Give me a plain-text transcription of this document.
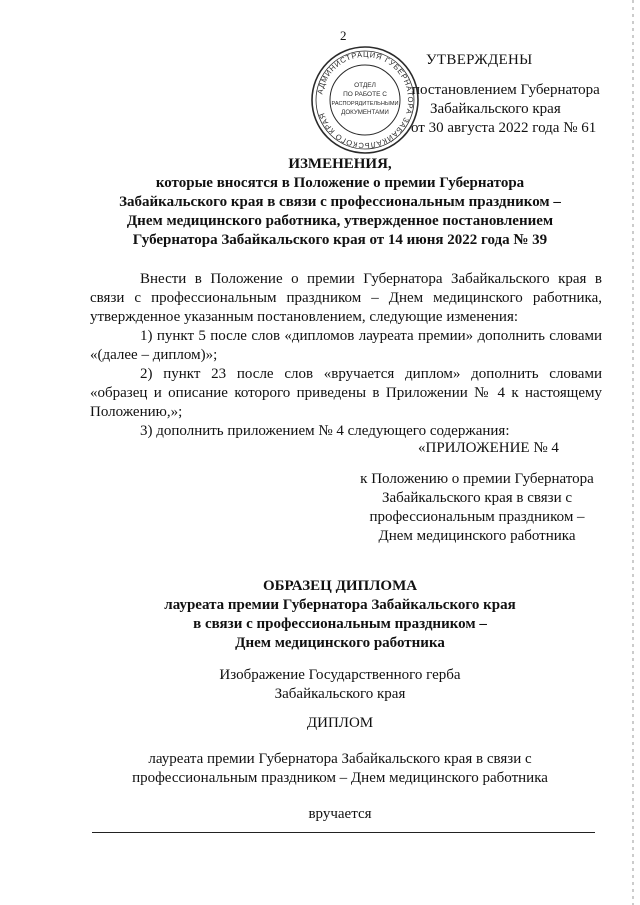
2
АДМИНИСТРАЦИЯ ГУБЕРНАТОРА ЗАБАЙКАЛЬСКОГО КРАЯ
ОТДЕЛ
ПО РАБОТЕ С
РАСПОРЯДИТЕЛЬНЫМИ
ДОКУМЕНТАМИ
УТВЕРЖДЕНЫ
постановлением Губернатора
Забайкальского края
от 30 августа 2022 года № 61
ИЗМЕНЕНИЯ,
которые вносятся в Положение о премии Губернатора
Забайкальского края в связи с профессиональным праздником –
Днем медицинского работника, утвержденное постановлением
Губернатора Забайкальского края от 14 июня 2022 года № 39
Внести в Положение о премии Губернатора Забайкальского края в связи с профессиональным праздником – Днем медицинского работника, утвержденное указанным постановлением, следующие изменения:
1) пункт 5 после слов «дипломов лауреата премии» дополнить словами «(далее – диплом)»;
2) пункт 23 после слов «вручается диплом» дополнить словами «образец и описание которого приведены в Приложении № 4 к настоящему Положению,»;
3) дополнить приложением № 4 следующего содержания:
«ПРИЛОЖЕНИЕ № 4
к Положению о премии Губернатора
Забайкальского края в связи с
профессиональным праздником –
Днем медицинского работника
ОБРАЗЕЦ ДИПЛОМА
лауреата премии Губернатора Забайкальского края
в связи с профессиональным праздником –
Днем медицинского работника
Изображение Государственного герба
Забайкальского края
ДИПЛОМ
лауреата премии Губернатора Забайкальского края в связи с
профессиональным праздником – Днем медицинского работника
вручается
